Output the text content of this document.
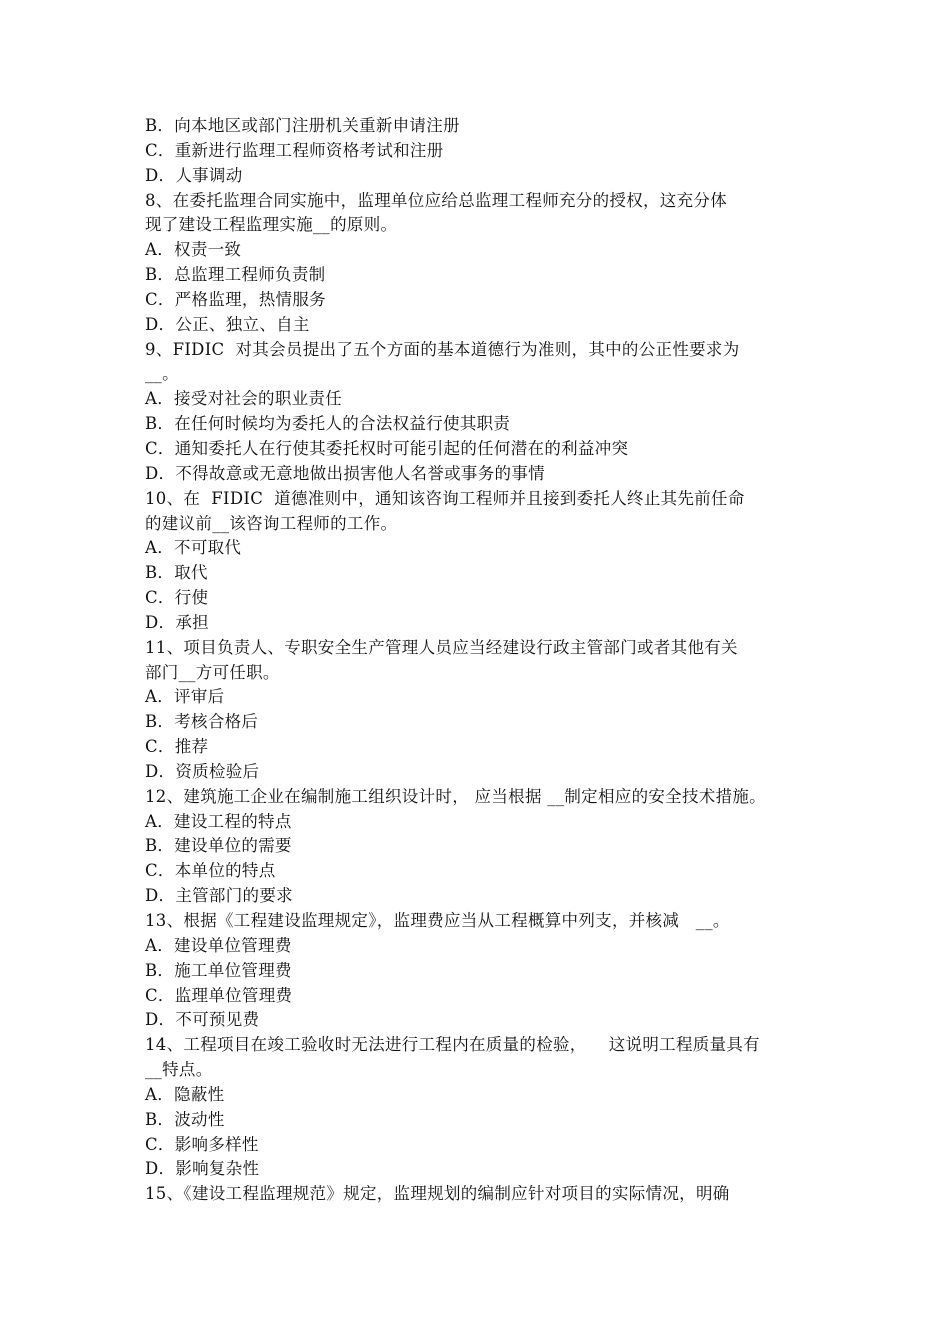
B．向本地区或部门注册机关重新申请注册
C．重新进行监理工程师资格考试和注册
D．人事调动
8、在委托监理合同实施中，监理单位应给总监理工程师充分的授权，这充分体
现了建设工程监理实施__的原则。
A．权责一致
B．总监理工程师负责制
C．严格监理，热情服务
D．公正、独立、自主
9、FIDIC  对其会员提出了五个方面的基本道德行为准则，其中的公正性要求为
__。
A．接受对社会的职业责任
B．在任何时候均为委托人的合法权益行使其职责
C．通知委托人在行使其委托权时可能引起的任何潜在的利益冲突
D．不得故意或无意地做出损害他人名誉或事务的事情
10、在  FIDIC  道德准则中，通知该咨询工程师并且接到委托人终止其先前任命
的建议前__该咨询工程师的工作。
A．不可取代
B．取代
C．行使
D．承担
11、项目负责人、专职安全生产管理人员应当经建设行政主管部门或者其他有关
部门__方可任职。
A．评审后
B．考核合格后
C．推荐
D．资质检验后
12、建筑施工企业在编制施工组织设计时， 应当根据 __制定相应的安全技术措施。
A．建设工程的特点
B．建设单位的需要
C．本单位的特点
D．主管部门的要求
13、根据《工程建设监理规定》，监理费应当从工程概算中列支，并核减   __。
A．建设单位管理费
B．施工单位管理费
C．监理单位管理费
D．不可预见费
14、工程项目在竣工验收时无法进行工程内在质量的检验，    这说明工程质量具有
__特点。
A．隐蔽性
B．波动性
C．影响多样性
D．影响复杂性
15、《建设工程监理规范》规定，监理规划的编制应针对项目的实际情况，明确
